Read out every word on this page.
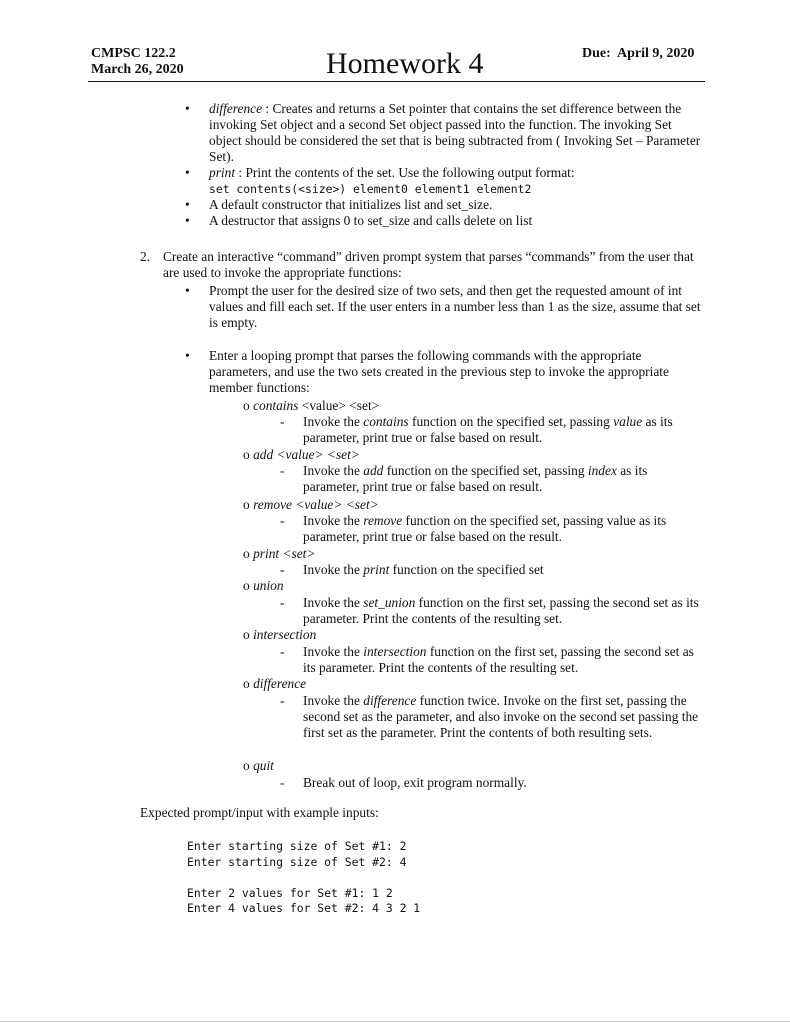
CMPSC 122.2
March 26, 2020	Homework 4	Due:  April 9, 2020

• difference : Creates and returns a Set pointer that contains the set difference between the invoking Set object and a second Set object passed into the function. The invoking Set object should be considered the set that is being subtracted from ( Invoking Set – Parameter Set).

• print : Print the contents of the set. Use the following output format:
set contents(<size>) element0 element1 element2

• A default constructor that initializes list and set_size.

• A destructor that assigns 0 to set_size and calls delete on list

2. Create an interactive “command” driven prompt system that parses “commands” from the user that are used to invoke the appropriate functions:

• Prompt the user for the desired size of two sets, and then get the requested amount of int values and fill each set. If the user enters in a number less than 1 as the size, assume that set is empty.

• Enter a looping prompt that parses the following commands with the appropriate parameters, and use the two sets created in the previous step to invoke the appropriate member functions:

o contains <value> <set>
- Invoke the contains function on the specified set, passing value as its parameter, print true or false based on result.
o add <value> <set>
- Invoke the add function on the specified set, passing index as its parameter, print true or false based on result.
o remove <value> <set>
- Invoke the remove function on the specified set, passing value as its parameter, print true or false based on the result.
o print <set>
- Invoke the print function on the specified set
o union
- Invoke the set_union function on the first set, passing the second set as its parameter. Print the contents of the resulting set.
o intersection
- Invoke the intersection function on the first set, passing the second set as its parameter. Print the contents of the resulting set.
o difference
- Invoke the difference function twice. Invoke on the first set, passing the second set as the parameter, and also invoke on the second set passing the first set as the parameter. Print the contents of both resulting sets.
o quit
- Break out of loop, exit program normally.
Expected prompt/input with example inputs:
Enter starting size of Set #1: 2
Enter starting size of Set #2: 4
Enter 2 values for Set #1: 1 2
Enter 4 values for Set #2: 4 3 2 1
